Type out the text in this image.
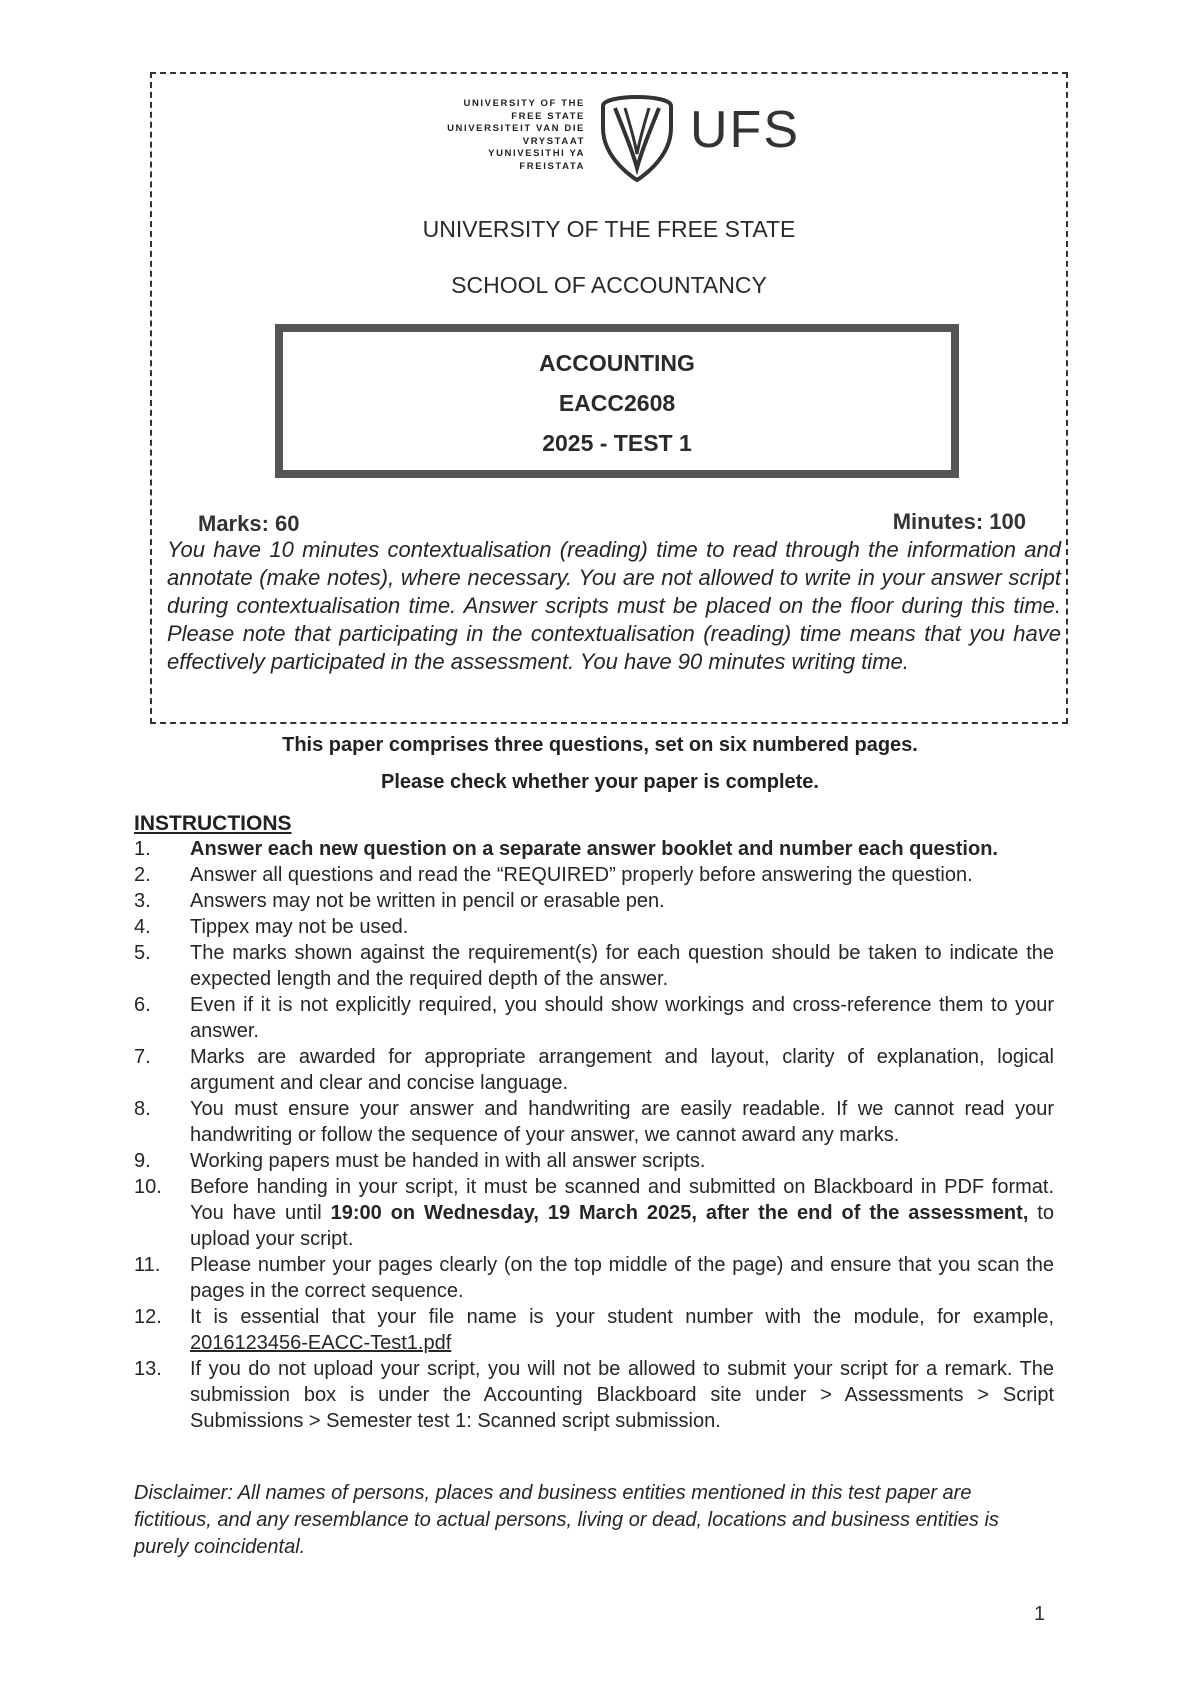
UNIVERSITY OF THE
FREE STATE
UNIVERSITEIT VAN DIE
VRYSTAAT
YUNIVESITHI YA
FREISTATA
UFS
UNIVERSITY OF THE FREE STATE
SCHOOL OF ACCOUNTANCY
ACCOUNTING
EACC2608
2025 - TEST 1
Marks: 60	Minutes: 100
You have 10 minutes contextualisation (reading) time to read through the information and annotate (make notes), where necessary. You are not allowed to write in your answer script during contextualisation time. Answer scripts must be placed on the floor during this time. Please note that participating in the contextualisation (reading) time means that you have effectively participated in the assessment. You have 90 minutes writing time.
This paper comprises three questions, set on six numbered pages.
Please check whether your paper is complete.
INSTRUCTIONS
1. Answer each new question on a separate answer booklet and number each question.
2. Answer all questions and read the “REQUIRED” properly before answering the question.
3. Answers may not be written in pencil or erasable pen.
4. Tippex may not be used.
5. The marks shown against the requirement(s) for each question should be taken to indicate the expected length and the required depth of the answer.
6. Even if it is not explicitly required, you should show workings and cross-reference them to your answer.
7. Marks are awarded for appropriate arrangement and layout, clarity of explanation, logical argument and clear and concise language.
8. You must ensure your answer and handwriting are easily readable. If we cannot read your handwriting or follow the sequence of your answer, we cannot award any marks.
9. Working papers must be handed in with all answer scripts.
10. Before handing in your script, it must be scanned and submitted on Blackboard in PDF format. You have until 19:00 on Wednesday, 19 March 2025, after the end of the assessment, to upload your script.
11. Please number your pages clearly (on the top middle of the page) and ensure that you scan the pages in the correct sequence.
12. It is essential that your file name is your student number with the module, for example, 2016123456-EACC-Test1.pdf
13. If you do not upload your script, you will not be allowed to submit your script for a remark. The submission box is under the Accounting Blackboard site under > Assessments > Script Submissions > Semester test 1: Scanned script submission.
Disclaimer: All names of persons, places and business entities mentioned in this test paper are fictitious, and any resemblance to actual persons, living or dead, locations and business entities is purely coincidental.
1
